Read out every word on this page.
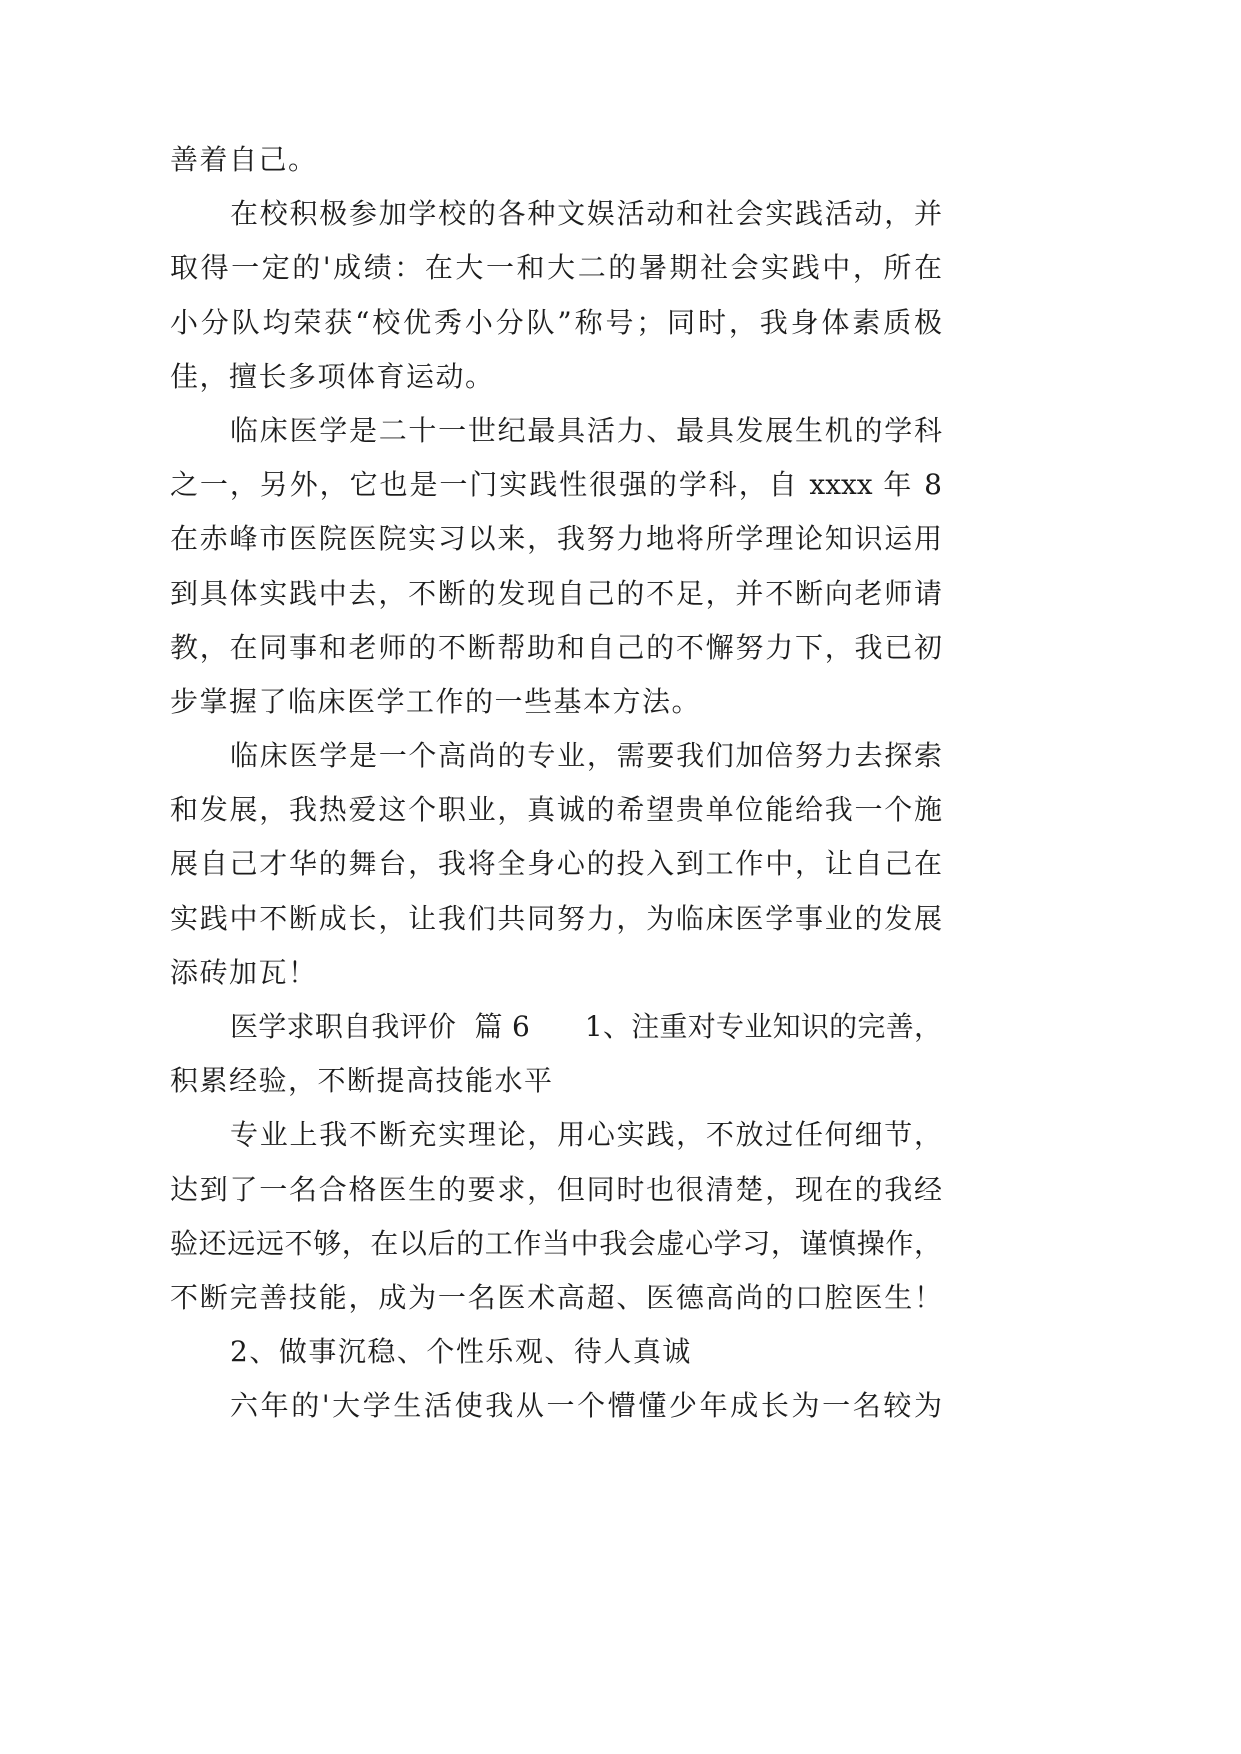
善着自己。
在校积极参加学校的各种文娱活动和社会实践活动，并
取得一定的'成绩：在大一和大二的暑期社会实践中，所在
小分队均荣获“校优秀小分队”称号；同时，我身体素质极
佳，擅长多项体育运动。
临床医学是二十一世纪最具活力、最具发展生机的学科
之一，另外，它也是一门实践性很强的学科，自 xxxx 年 8
在赤峰市医院医院实习以来，我努力地将所学理论知识运用
到具体实践中去，不断的发现自己的不足，并不断向老师请
教，在同事和老师的不断帮助和自己的不懈努力下，我已初
步掌握了临床医学工作的一些基本方法。
临床医学是一个高尚的专业，需要我们加倍努力去探索
和发展，我热爱这个职业，真诚的希望贵单位能给我一个施
展自己才华的舞台，我将全身心的投入到工作中，让自己在
实践中不断成长，让我们共同努力，为临床医学事业的发展
添砖加瓦！
医学求职自我评价  篇 6      1、注重对专业知识的完善，
积累经验，不断提高技能水平
专业上我不断充实理论，用心实践，不放过任何细节，
达到了一名合格医生的要求，但同时也很清楚，现在的我经
验还远远不够，在以后的工作当中我会虚心学习，谨慎操作，
不断完善技能，成为一名医术高超、医德高尚的口腔医生！
2、做事沉稳、个性乐观、待人真诚
六年的'大学生活使我从一个懵懂少年成长为一名较为
